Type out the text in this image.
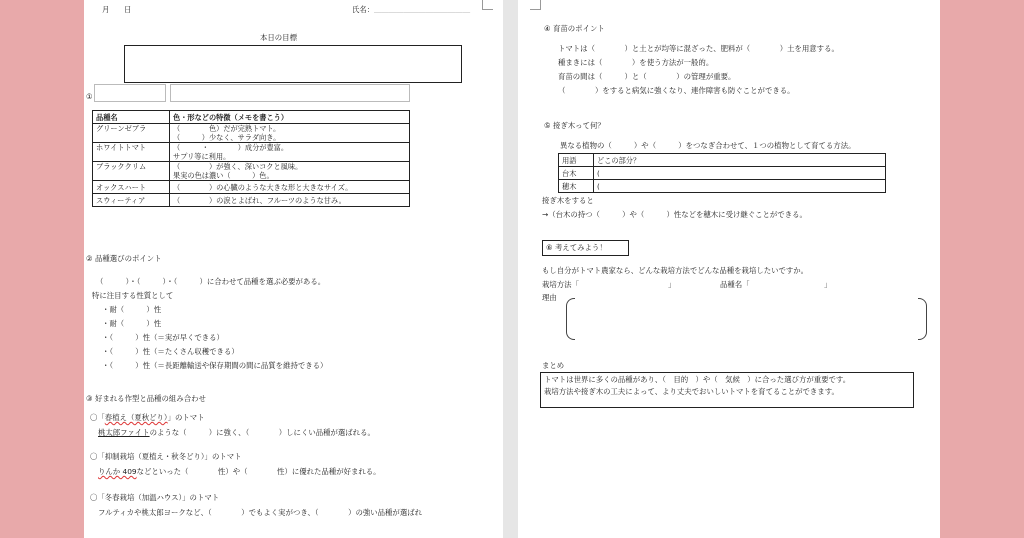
月 日	氏名： ＿＿＿＿＿＿＿＿＿＿＿＿＿
本日の目標
①
品種名	色・形などの特徴（メモを書こう）
グリーンゼブラ	（　　　　色）だが完熟トマト。
（　　　）少なく、サラダ向き。

ホワイトトマト	（　　　・　　　　）成分が豊富。
サプリ等に利用。

ブラッククリム	（　　　　）が強く、深いコクと風味。
果実の色は濃い（　　　）色。

オックスハート	（　　　　）の心臓のような大きな形と大きなサイズ。
スウィーティア	（　　　　）の涙とよばれ、フルーツのような甘み。
② 品種選びのポイント
（　　　）・（　　　）・（　　　）に合わせて品種を選ぶ必要がある。
特に注目する性質として
・耐（　　　）性
・耐（　　　）性
・（　　　）性（＝実が早くできる）
・（　　　）性（＝たくさん収穫できる）
・（　　　）性（＝長距離輸送や保存期間の間に品質を維持できる）
③ 好まれる作型と品種の組み合わせ
〇「春植え（夏秋どり）」のトマト
桃太郎ファイトのような（　　　）に強く、（　　　　）しにくい品種が選ばれる。
〇「抑制栽培（夏植え・秋冬どり）」のトマト
りんか 409などといった（　　　　性）や（　　　　性）に優れた品種が好まれる。
〇「冬春栽培（加温ハウス）」のトマト
フルティカや桃太郎ヨークなど、（　　　　）でもよく実がつき、（　　　　）の強い品種が選ばれ
④ 育苗のポイント
トマトは（　　　　）と土とが均等に混ざった、肥料が（　　　　）土を用意する。
種まきには（　　　　）を使う方法が一般的。
育苗の間は（　　　）と（　　　　）の管理が重要。
（　　　　）をすると病気に強くなり、連作障害も防ぐことができる。
⑤ 接ぎ木って何？
異なる植物の（　　　）や（　　　）をつなぎ合わせて、１つの植物として育てる方法。
用語	どこの部分？
台木	(
穂木	(
接ぎ木をすると
→（台木の持つ（　　　）や（　　　）性などを穂木に受け継ぐことができる。
⑥ 考えてみよう！
もし自分がトマト農家なら、どんな栽培方法でどんな品種を栽培したいですか。
栽培方法「	」	品種名「	」
理由
まとめ
トマトは世界に多くの品種があり、（　目的　）や（　気候　）に合った選び方が重要です。
栽培方法や接ぎ木の工夫によって、より丈夫でおいしいトマトを育てることができます。
